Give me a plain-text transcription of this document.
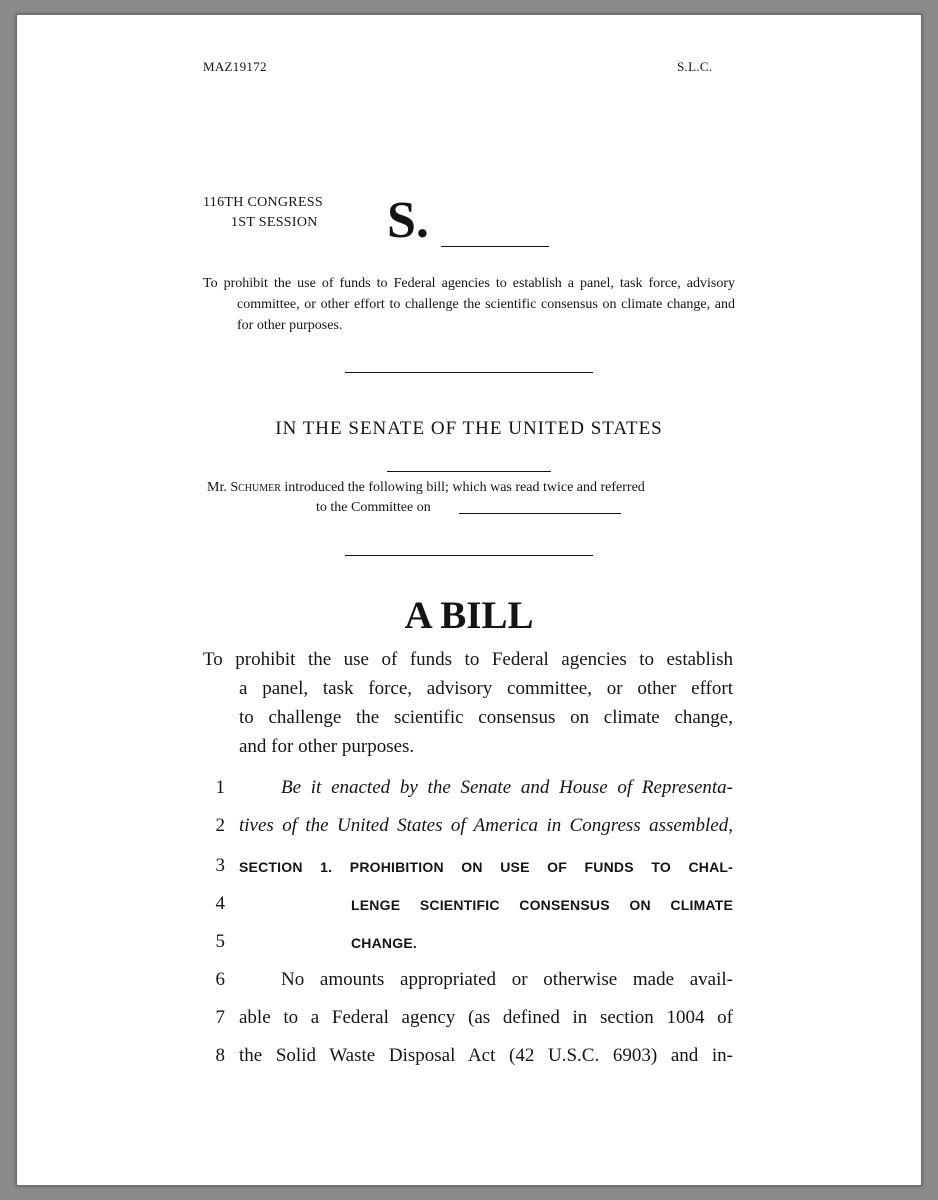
MAZ19172	S.L.C.
116TH CONGRESS
1ST SESSION S.
To prohibit the use of funds to Federal agencies to establish a panel, task force, advisory committee, or other effort to challenge the scientific consensus on climate change, and for other purposes.
IN THE SENATE OF THE UNITED STATES
Mr. Schumer introduced the following bill; which was read twice and referred
to the Committee on
A BILL
To prohibit the use of funds to Federal agencies to establish
a panel, task force, advisory committee, or other effort
to challenge the scientific consensus on climate change,
and for other purposes.
1	Be it enacted by the Senate and House of Representa-
2 tives of the United States of America in Congress assembled,
3 SECTION 1. PROHIBITION ON USE OF FUNDS TO CHAL-
4	LENGE SCIENTIFIC CONSENSUS ON CLIMATE
5	CHANGE.
6	No amounts appropriated or otherwise made avail-
7 able to a Federal agency (as defined in section 1004 of
8 the Solid Waste Disposal Act (42 U.S.C. 6903) and in-
